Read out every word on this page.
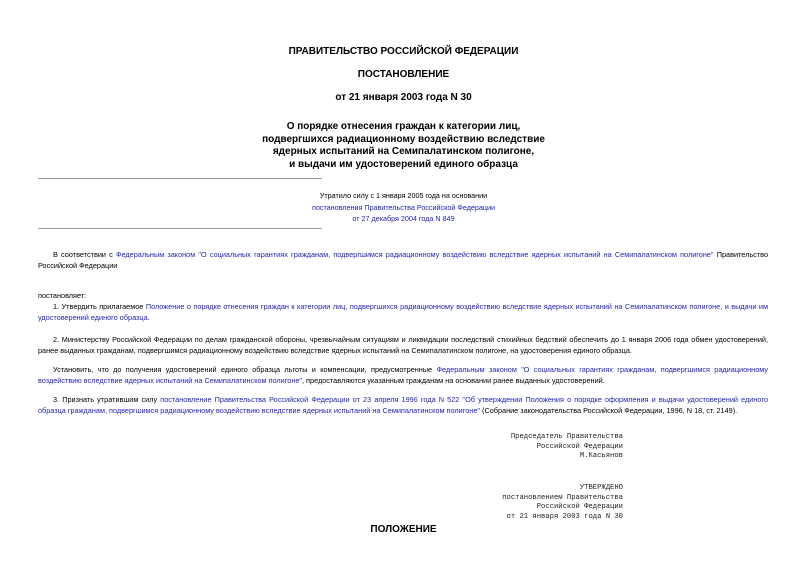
ПРАВИТЕЛЬСТВО РОССИЙСКОЙ ФЕДЕРАЦИИ
ПОСТАНОВЛЕНИЕ
от 21 января 2003 года N 30
О порядке отнесения граждан к категории лиц,
подвергшихся радиационному воздействию вследствие
ядерных испытаний на Семипалатинском полигоне,
и выдачи им удостоверений единого образца
Утратило силу с 1 января 2005 года на основании
постановления Правительства Российской Федерации
от 27 декабря 2004 года N 849
В соответствии с Федеральным законом "О социальных гарантиях гражданам, подвергшимся радиационному воздействию вследствие ядерных испытаний на Семипалатинском полигоне" Правительство Российской Федерации
постановляет:
1. Утвердить прилагаемое Положение о порядке отнесения граждан к категории лиц, подвергшихся радиационному воздействию вследствие ядерных испытаний на Семипалатинском полигоне, и выдачи им удостоверений единого образца.
2. Министерству Российской Федерации по делам гражданской обороны, чрезвычайным ситуациям и ликвидации последствий стихийных бедствий обеспечить до 1 января 2006 года обмен удостоверений, ранее выданных гражданам, подвергшимся радиационному воздействию вследствие ядерных испытаний на Семипалатинском полигоне, на удостоверения единого образца.
Установить, что до получения удостоверений единого образца льготы и компенсации, предусмотренные Федеральным законом "О социальных гарантиях гражданам, подвергшимся радиационному воздействию вследствие ядерных испытаний на Семипалатинском полигоне", предоставляются указанным гражданам на основании ранее выданных удостоверений.
3. Признать утратившим силу постановление Правительства Российской Федерации от 23 апреля 1996 года N 522 "Об утверждении Положения о порядке оформления и выдачи удостоверений единого образца гражданам, подвергшимся радиационному воздействию вследствие ядерных испытаний на Семипалатинском полигоне" (Собрание законодательства Российской Федерации, 1996, N 18, ст. 2149).
Председатель Правительства
Российской Федерации
М.Касьянов
УТВЕРЖДЕНО
постановлением Правительства
Российской Федерации
от 21 января 2003 года N 30
ПОЛОЖЕНИЕ
